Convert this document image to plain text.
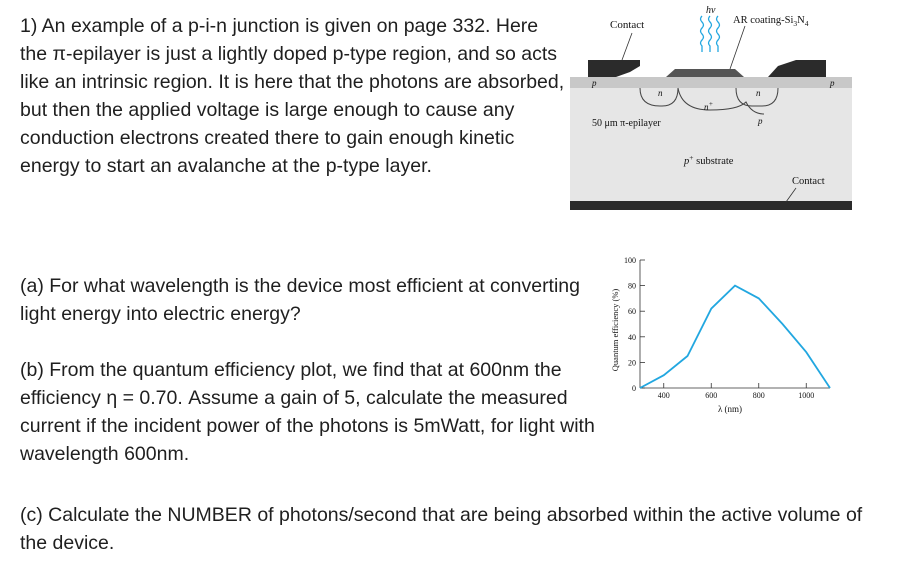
1) An example of a p-i-n junction is given on page 332. Here the π-epilayer is just a lightly doped p-type region, and so acts like an intrinsic region. It is here that the photons are absorbed, but then the applied voltage is large enough to cause any conduction electrons created there to gain enough kinetic energy to start an avalanche at the p-type layer.

(a) For what wavelength is the device most efficient at converting light energy into electric energy?

(b) From the quantum efficiency plot, we find that at 600nm the efficiency η = 0.70. Assume a gain of 5, calculate the measured current if the incident power of the photons is 5mWatt, for light with wavelength 600nm.

(c) Calculate the NUMBER of photons/second that are being absorbed within the active volume of the device.

Contact
hν
AR coating-$Si_3N_4$
p
n
n+
n
p
p
50 μm π-epilayer
p+ substrate
Contact
0
20
40
60
80
100
400	600	800	1000
λ (nm)
Quantum efficiency (%)
